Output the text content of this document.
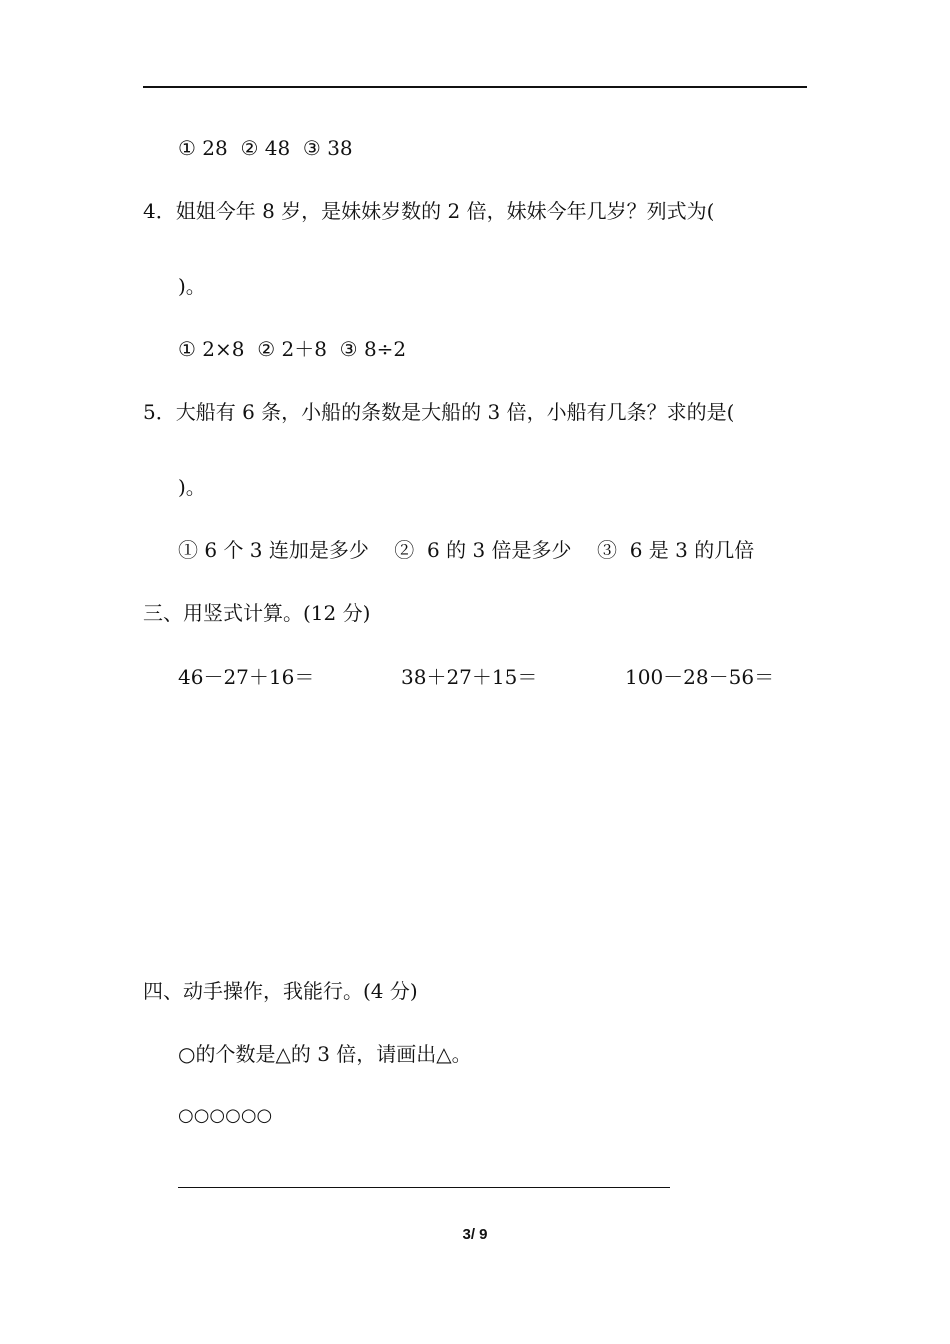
① 28  ② 48  ③ 38
4．姐姐今年 8 岁，是妹妹岁数的 2 倍，妹妹今年几岁？列式为(
)。
① 2×8  ② 2＋8  ③ 8÷2
5．大船有 6 条，小船的条数是大船的 3 倍，小船有几条？求的是(
)。
① 6 个 3 连加是多少    ②  6 的 3 倍是多少    ③  6 是 3 的几倍
三、用竖式计算。(12 分)
46－27＋16＝	38＋27＋15＝	100－28－56＝
四、动手操作，我能行。(4 分)
○的个数是△的 3 倍，请画出△。
○○○○○○
3/ 9
